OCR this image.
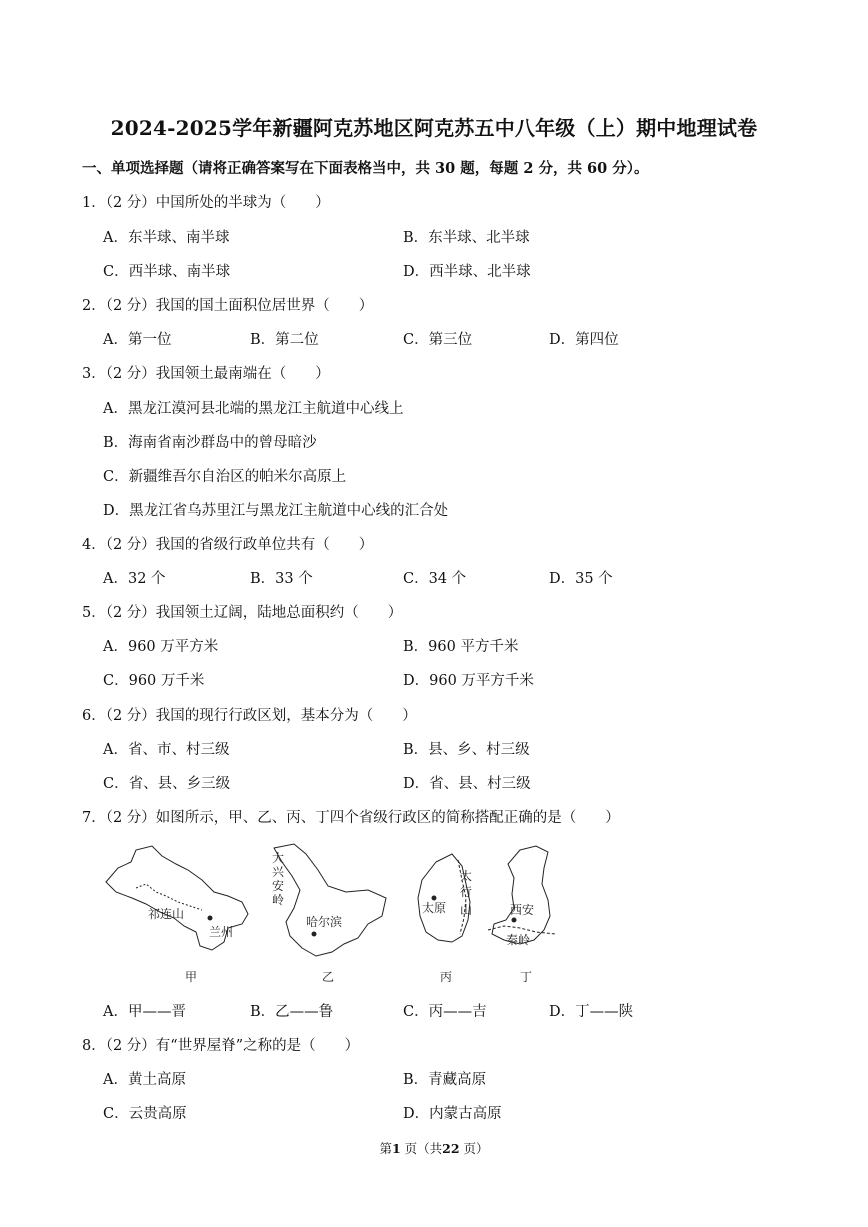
2024-2025学年新疆阿克苏地区阿克苏五中八年级（上）期中地理试卷
一、单项选择题（请将正确答案写在下面表格当中，共 30 题，每题 2 分，共 60 分）。
1．（2 分）中国所处的半球为（　　）
A．东半球、南半球	B．东半球、北半球
C．西半球、南半球	D．西半球、北半球
2．（2 分）我国的国土面积位居世界（　　）
A．第一位	B．第二位	C．第三位	D．第四位
3．（2 分）我国领土最南端在（　　）
A．黑龙江漠河县北端的黑龙江主航道中心线上
B．海南省南沙群岛中的曾母暗沙
C．新疆维吾尔自治区的帕米尔高原上
D．黑龙江省乌苏里江与黑龙江主航道中心线的汇合处
4．（2 分）我国的省级行政单位共有（　　）
A．32 个	B．33 个	C．34 个	D．35 个
5．（2 分）我国领土辽阔，陆地总面积约（　　）
A．960 万平方米	B．960 平方千米
C．960 万千米	D．960 万平方千米
6．（2 分）我国的现行行政区划，基本分为（　　）
A．省、市、村三级	B．县、乡、村三级
C．省、县、乡三级	D．省、县、村三级
7．（2 分）如图所示，甲、乙、丙、丁四个省级行政区的简称搭配正确的是（　　）
祁连山
兰州
甲
大
兴
安
岭
哈尔滨
乙
太
行
山
太原
丙
西安
秦岭
丁
A．甲——晋	B．乙——鲁	C．丙——吉	D．丁——陕
8．（2 分）有“世界屋脊”之称的是（　　）
A．黄土高原	B．青藏高原
C．云贵高原	D．内蒙古高原
第1 页（共22 页）
